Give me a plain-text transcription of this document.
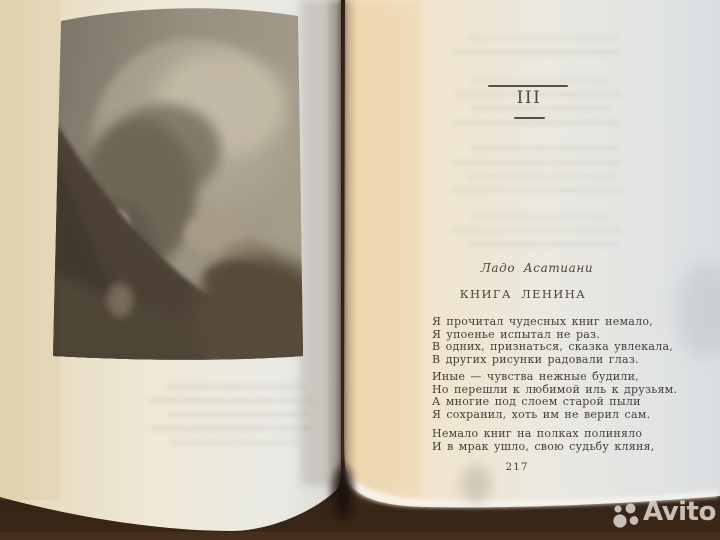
III
Ладо Асатиани
КНИГА ЛЕНИНА
Я прочитал чудесных книг немало,
Я упоенье испытал не раз.
В одних, признаться, сказка увлекала,
В других рисунки радовали глаз.
Иные — чувства нежные будили,
Но перешли к любимой иль к друзьям.
А многие под слоем старой пыли
Я сохранил, хоть им не верил сам.
Немало книг на полках полиняло
И в мрак ушло, свою судьбу кляня,
217
Avito
